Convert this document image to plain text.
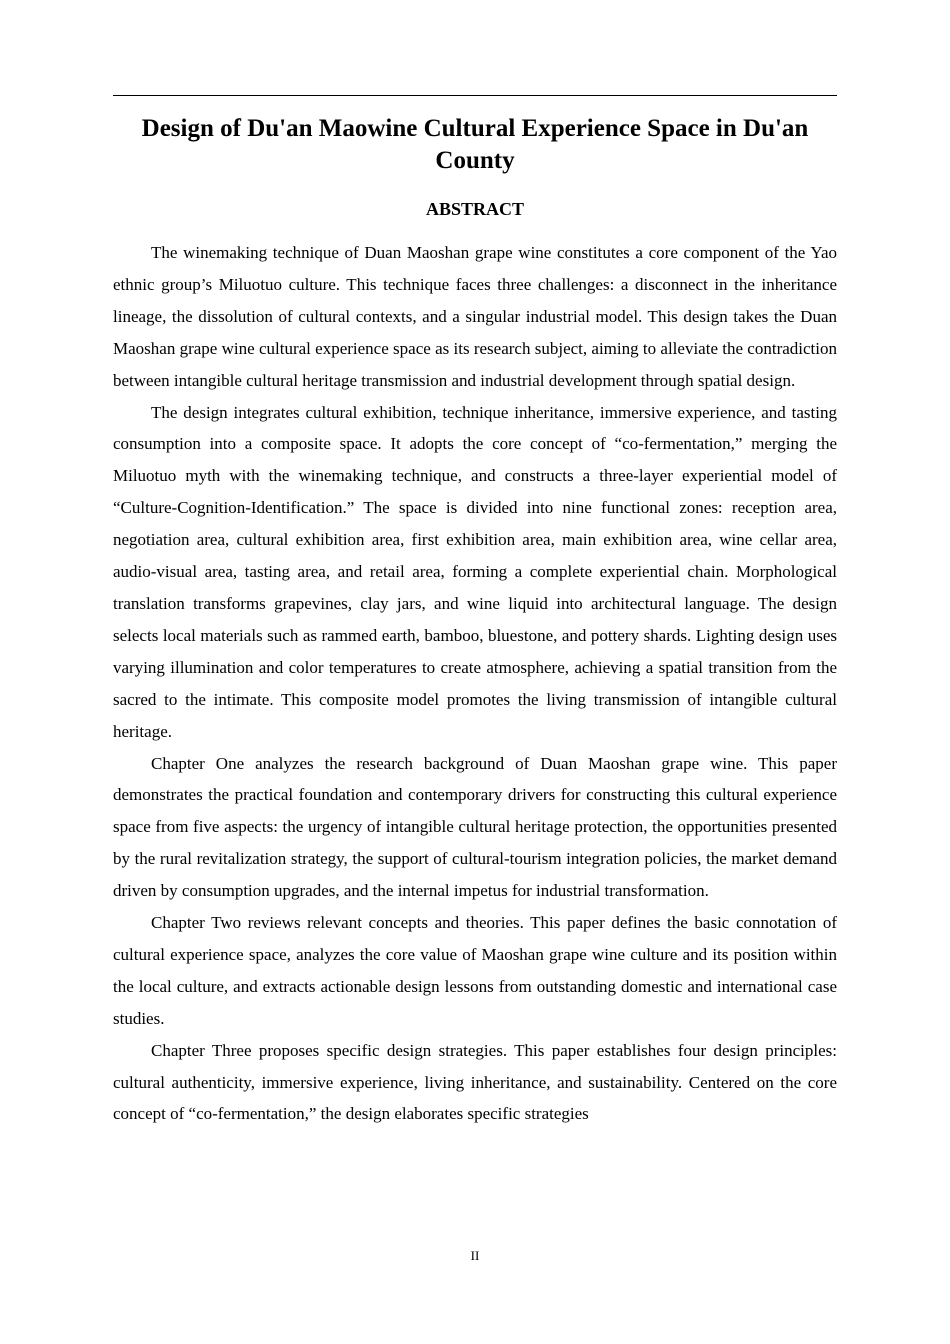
Design of Du'an Maowine Cultural Experience Space in Du'an County
ABSTRACT

The winemaking technique of Duan Maoshan grape wine constitutes a core component of the Yao ethnic group’s Miluotuo culture. This technique faces three challenges: a disconnect in the inheritance lineage, the dissolution of cultural contexts, and a singular industrial model. This design takes the Duan Maoshan grape wine cultural experience space as its research subject, aiming to alleviate the contradiction between intangible cultural heritage transmission and industrial development through spatial design.

The design integrates cultural exhibition, technique inheritance, immersive experience, and tasting consumption into a composite space. It adopts the core concept of “co-fermentation,” merging the Miluotuo myth with the winemaking technique, and constructs a three-layer experiential model of “Culture-Cognition-Identification.” The space is divided into nine functional zones: reception area, negotiation area, cultural exhibition area, first exhibition area, main exhibition area, wine cellar area, audio-visual area, tasting area, and retail area, forming a complete experiential chain. Morphological translation transforms grapevines, clay jars, and wine liquid into architectural language. The design selects local materials such as rammed earth, bamboo, bluestone, and pottery shards. Lighting design uses varying illumination and color temperatures to create atmosphere, achieving a spatial transition from the sacred to the intimate. This composite model promotes the living transmission of intangible cultural heritage.

Chapter One analyzes the research background of Duan Maoshan grape wine. This paper demonstrates the practical foundation and contemporary drivers for constructing this cultural experience space from five aspects: the urgency of intangible cultural heritage protection, the opportunities presented by the rural revitalization strategy, the support of cultural-tourism integration policies, the market demand driven by consumption upgrades, and the internal impetus for industrial transformation.

Chapter Two reviews relevant concepts and theories. This paper defines the basic connotation of cultural experience space, analyzes the core value of Maoshan grape wine culture and its position within the local culture, and extracts actionable design lessons from outstanding domestic and international case studies.

Chapter Three proposes specific design strategies. This paper establishes four design principles: cultural authenticity, immersive experience, living inheritance, and sustainability. Centered on the core concept of “co-fermentation,” the design elaborates specific strategies

II
